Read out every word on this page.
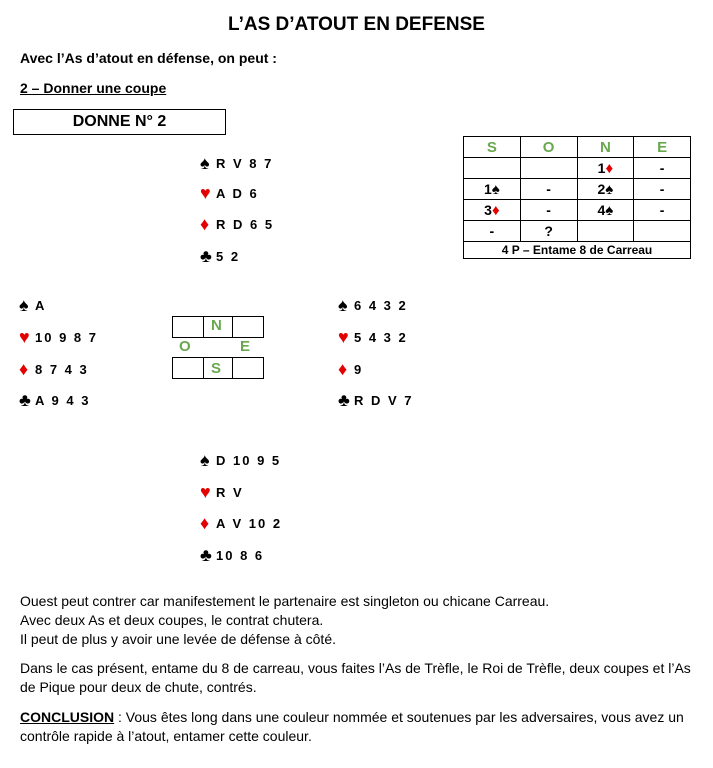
L’AS D’ATOUT EN DEFENSE
Avec l’As d’atout en défense, on peut :
2 – Donner une coupe
DONNE N° 2
♠ R V 8 7
♥ A D 6
♦ R D 6 5
♣ 5 2
♠ A
♥ 10 9 8 7
♦ 8 7 4 3
♣ A 9 4 3
♠ 6 4 3 2
♥ 5 4 3 2
♦ 9
♣ R D V 7
♠ D 10 9 5
♥ R V
♦ A V 10 2
♣ 10 8 6
N
O	E
S
S	O	N	E
		1♦	-
1♠	-	2♠	-
3♦	-	4♠	-
-	?		
4 P – Entame 8 de Carreau			
Ouest peut contrer car manifestement le partenaire est singleton ou chicane Carreau.
Avec deux As et deux coupes, le contrat chutera.
Il peut de plus y avoir une levée de défense à côté.
Dans le cas présent, entame du 8 de carreau, vous faites l’As de Trèfle, le Roi de Trèfle, deux coupes et l’As de Pique pour deux de chute, contrés.
CONCLUSION : Vous êtes long dans une couleur nommée et soutenues par les adversaires, vous avez un contrôle rapide à l’atout, entamer cette couleur.
